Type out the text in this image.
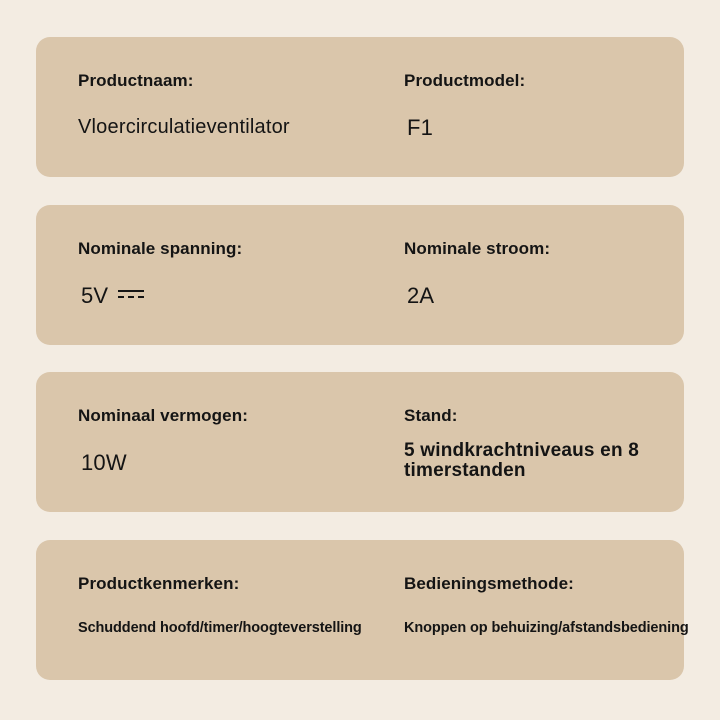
Productnaam:
Vloercirculatieventilator
Productmodel:
F1
Nominale spanning:
5V
Nominale stroom:
2A
Nominaal vermogen:
10W
Stand:
5 windkrachtniveaus en 8 timerstanden
Productkenmerken:
Schuddend hoofd/timer/hoogteverstelling
Bedieningsmethode:
Knoppen op behuizing/afstandsbediening
